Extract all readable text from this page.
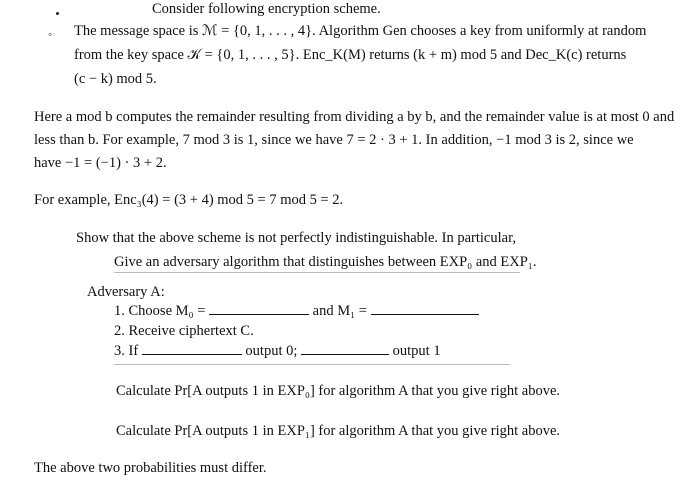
Consider following encryption scheme.
◦ The message space is ℳ = {0, 1, . . . , 4}. Algorithm Gen chooses a key from uniformly at random
from the key space 𝒦 = {0, 1, . . . , 5}. Enc_K(M) returns (k + m) mod 5 and Dec_K(c) returns
(c − k) mod 5.
Here a mod b computes the remainder resulting from dividing a by b, and the remainder value is at most 0 and
less than b. For example, 7 mod 3 is 1, since we have 7 = 2 · 3 + 1. In addition, −1 mod 3 is 2, since we
have −1 = (−1) · 3 + 2.
For example, Enc₃(4) = (3 + 4) mod 5 = 7 mod 5 = 2.
Show that the above scheme is not perfectly indistinguishable. In particular,
Give an adversary algorithm that distinguishes between EXP₀ and EXP₁.
Adversary A:
1. Choose M₀ =	and M₁ =
2. Receive ciphertext C.
3. If	output 0;	output 1
Calculate Pr[A outputs 1 in EXP₀] for algorithm A that you give right above.
Calculate Pr[A outputs 1 in EXP₁] for algorithm A that you give right above.
The above two probabilities must differ.
